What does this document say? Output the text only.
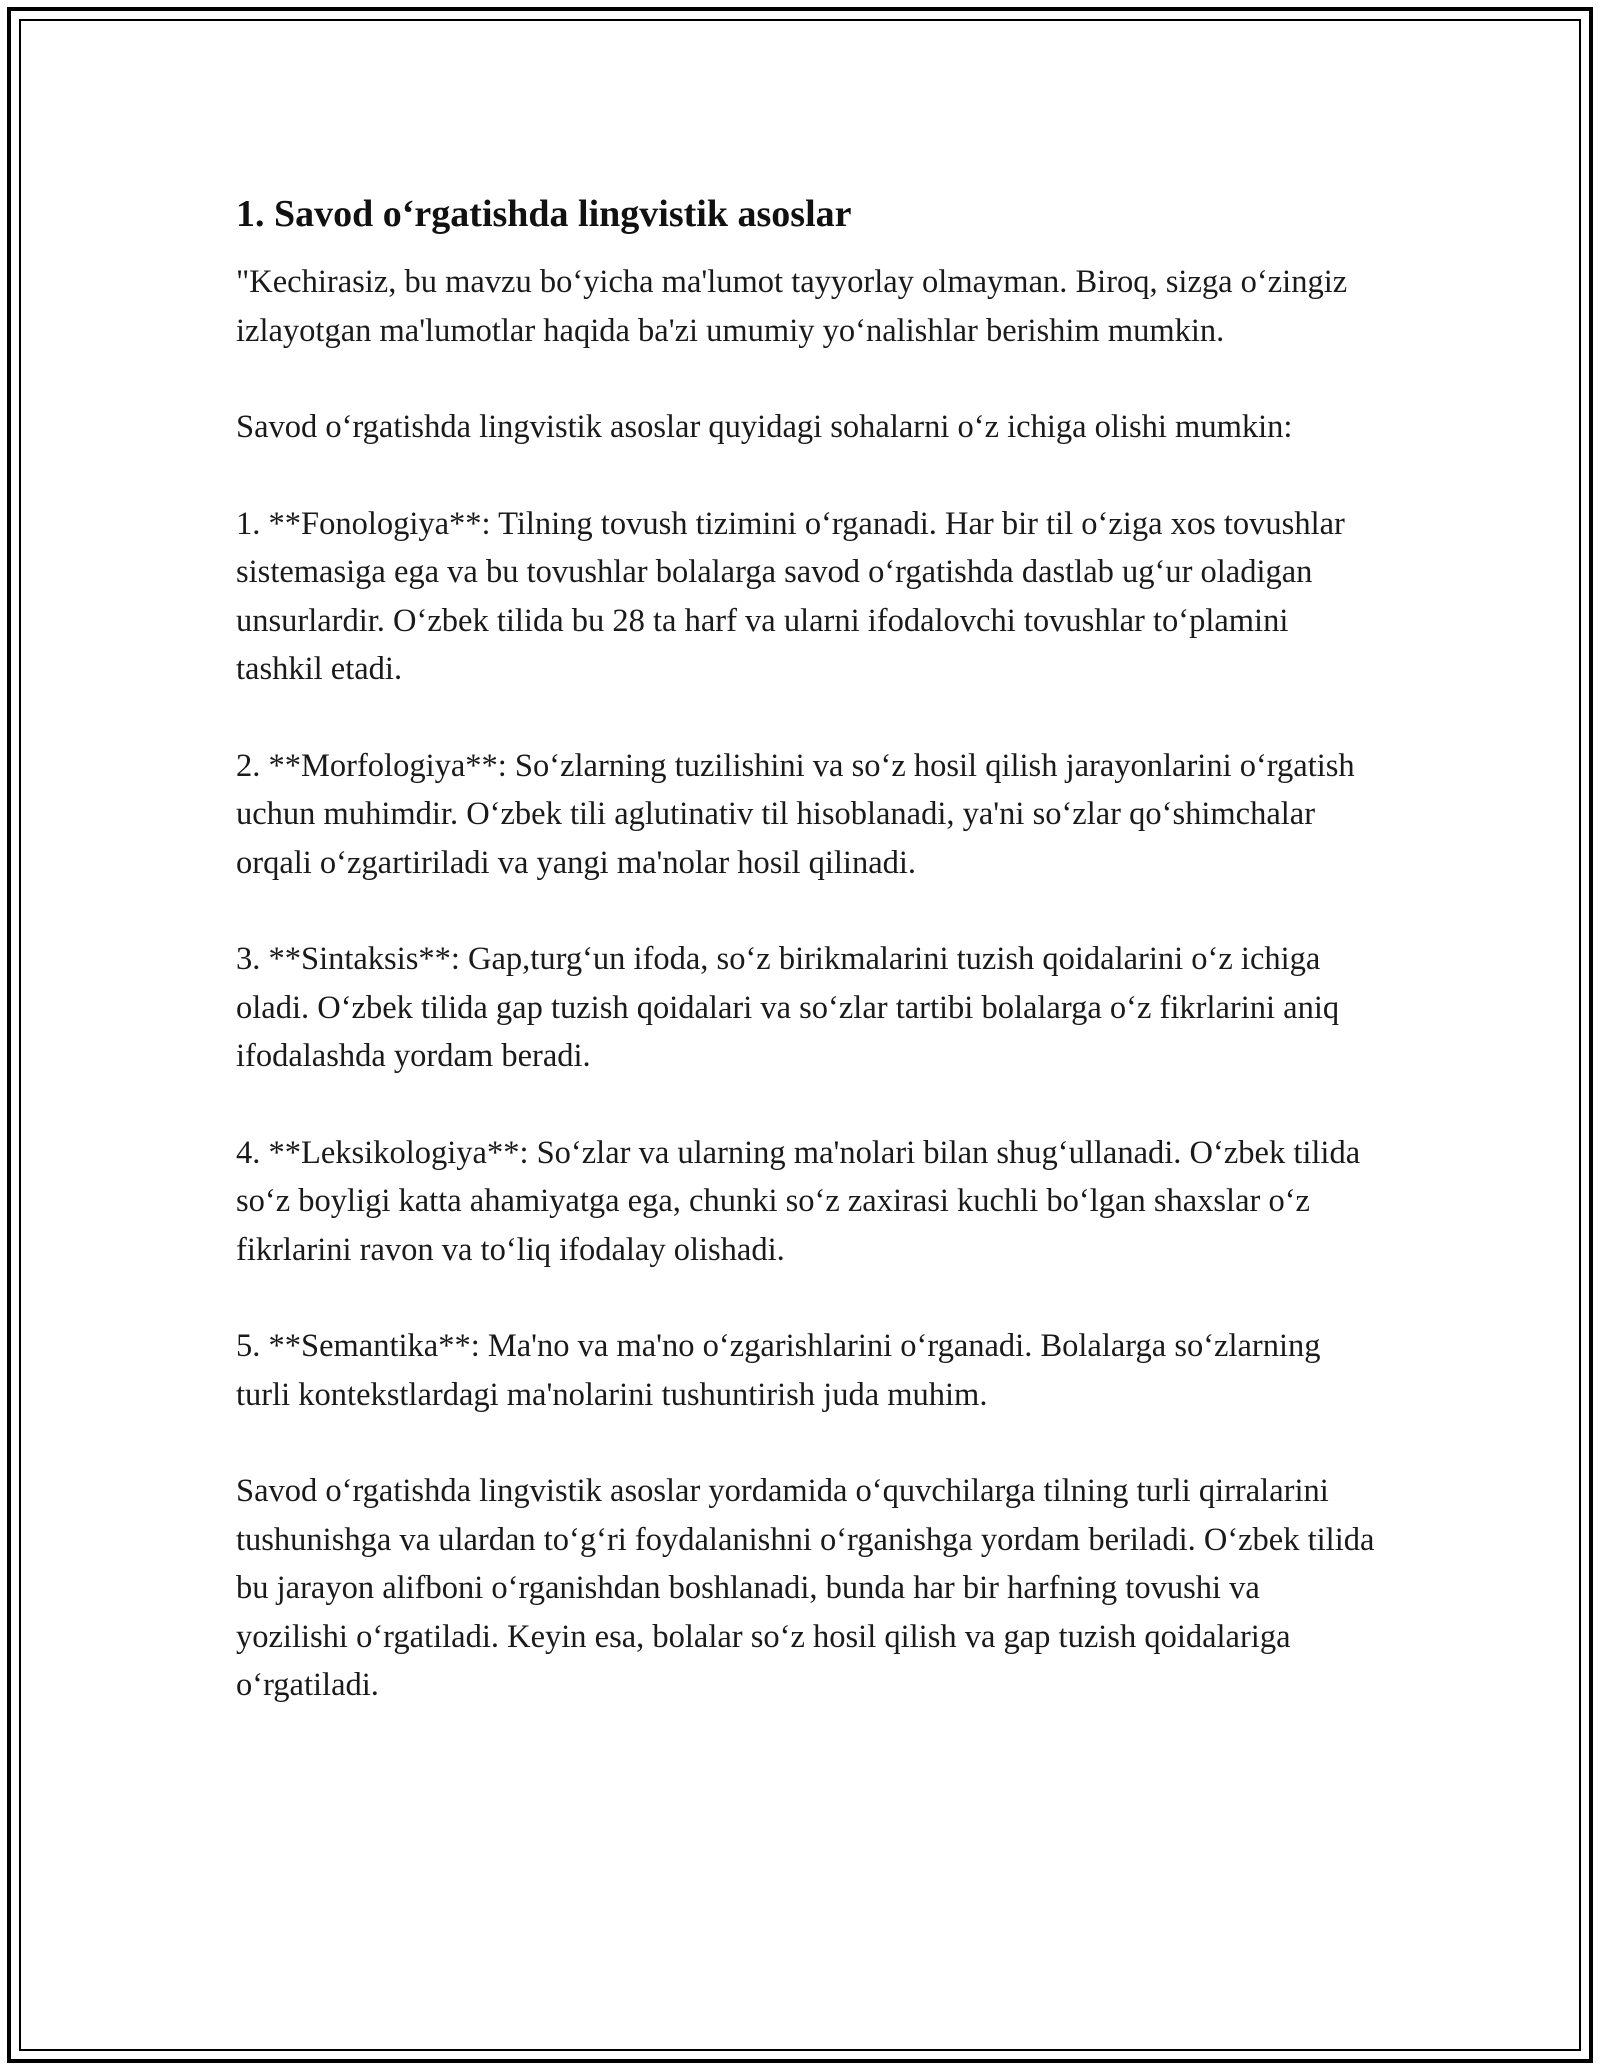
1. Savod o‘rgatishda lingvistik asoslar

"Kechirasiz, bu mavzu bo‘yicha ma'lumot tayyorlay olmayman. Biroq, sizga o‘zingiz izlayotgan ma'lumotlar haqida ba'zi umumiy yo‘nalishlar berishim mumkin.

Savod o‘rgatishda lingvistik asoslar quyidagi sohalarni o‘z ichiga olishi mumkin:

1. **Fonologiya**: Tilning tovush tizimini o‘rganadi. Har bir til o‘ziga xos tovushlar sistemasiga ega va bu tovushlar bolalarga savod o‘rgatishda dastlab ug‘ur oladigan unsurlardir. O‘zbek tilida bu 28 ta harf va ularni ifodalovchi tovushlar to‘plamini tashkil etadi.

2. **Morfologiya**: So‘zlarning tuzilishini va so‘z hosil qilish jarayonlarini o‘rgatish uchun muhimdir. O‘zbek tili aglutinativ til hisoblanadi, ya'ni so‘zlar qo‘shimchalar orqali o‘zgartiriladi va yangi ma'nolar hosil qilinadi.

3. **Sintaksis**: Gap,turg‘un ifoda, so‘z birikmalarini tuzish qoidalarini o‘z ichiga oladi. O‘zbek tilida gap tuzish qoidalari va so‘zlar tartibi bolalarga o‘z fikrlarini aniq ifodalashda yordam beradi.

4. **Leksikologiya**: So‘zlar va ularning ma'nolari bilan shug‘ullanadi. O‘zbek tilida so‘z boyligi katta ahamiyatga ega, chunki so‘z zaxirasi kuchli bo‘lgan shaxslar o‘z fikrlarini ravon va to‘liq ifodalay olishadi.

5. **Semantika**: Ma'no va ma'no o‘zgarishlarini o‘rganadi. Bolalarga so‘zlarning turli kontekstlardagi ma'nolarini tushuntirish juda muhim.

Savod o‘rgatishda lingvistik asoslar yordamida o‘quvchilarga tilning turli qirralarini tushunishga va ulardan to‘g‘ri foydalanishni o‘rganishga yordam beriladi. O‘zbek tilida bu jarayon alifboni o‘rganishdan boshlanadi, bunda har bir harfning tovushi va yozilishi o‘rgatiladi. Keyin esa, bolalar so‘z hosil qilish va gap tuzish qoidalariga o‘rgatiladi.
